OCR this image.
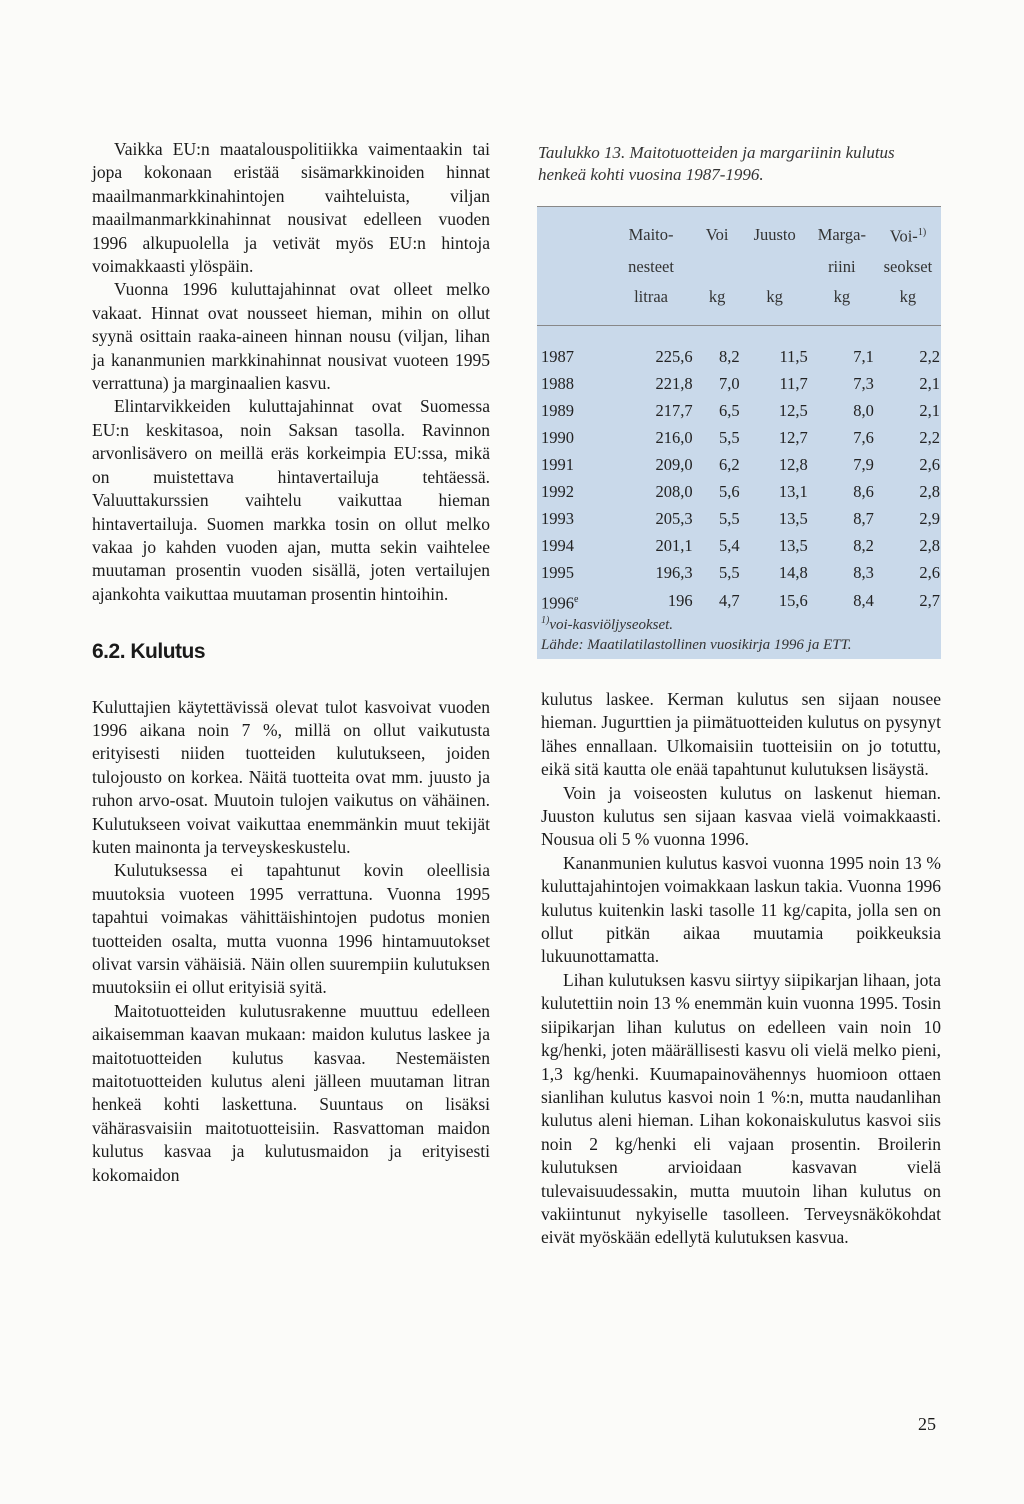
Vaikka EU:n maatalouspolitiikka vaimentaakin tai jopa kokonaan eristää sisämarkkinoiden hinnat maailmanmarkkinahintojen vaihteluista, viljan maailmanmarkkinahinnat nousivat edelleen vuoden 1996 alkupuolella ja vetivät myös EU:n hintoja voimakkaasti ylöspäin.

Vuonna 1996 kuluttajahinnat ovat olleet melko vakaat. Hinnat ovat nousseet hieman, mihin on ollut syynä osittain raaka-aineen hinnan nousu (viljan, lihan ja kananmunien markkinahinnat nousivat vuoteen 1995 verrattuna) ja marginaalien kasvu.

Elintarvikkeiden kuluttajahinnat ovat Suomessa EU:n keskitasoa, noin Saksan tasolla. Ravinnon arvonlisävero on meillä eräs korkeimpia EU:ssa, mikä on muistettava hintavertailuja tehtäessä. Valuuttakurssien vaihtelu vaikuttaa hieman hintavertailuja. Suomen markka tosin on ollut melko vakaa jo kahden vuoden ajan, mutta sekin vaihtelee muutaman prosentin vuoden sisällä, joten vertailujen ajankohta vaikuttaa muutaman prosentin hintoihin.

6.2. Kulutus

Kuluttajien käytettävissä olevat tulot kasvoivat vuoden 1996 aikana noin 7 %, millä on ollut vaikutusta erityisesti niiden tuotteiden kulutukseen, joiden tulojousto on korkea. Näitä tuotteita ovat mm. juusto ja ruhon arvo-osat. Muutoin tulojen vaikutus on vähäinen. Kulutukseen voivat vaikuttaa enemmänkin muut tekijät kuten mainonta ja terveyskeskustelu.

Kulutuksessa ei tapahtunut kovin oleellisia muutoksia vuoteen 1995 verrattuna. Vuonna 1995 tapahtui voimakas vähittäishintojen pudotus monien tuotteiden osalta, mutta vuonna 1996 hintamuutokset olivat varsin vähäisiä. Näin ollen suurempiin kulutuksen muutoksiin ei ollut erityisiä syitä.

Maitotuotteiden kulutusrakenne muuttuu edelleen aikaisemman kaavan mukaan: maidon kulutus laskee ja maitotuotteiden kulutus kasvaa. Nestemäisten maitotuotteiden kulutus aleni jälleen muutaman litran henkeä kohti laskettuna. Suuntaus on lisäksi vähärasvaisiin maitotuotteisiin. Rasvattoman maidon kulutus kasvaa ja kulutusmaidon ja erityisesti kokomaidon

Taulukko 13. Maitotuotteiden ja margariinin kulutus henkeä kohti vuosina 1987-1996.
	Maito-	Voi	Juusto	Marga-	Voi-$^{1)}$
	nesteet			riini	seokset
	litraa	kg	kg	kg	kg
1987	225,6	8,2	11,5	7,1	2,2
1988	221,8	7,0	11,7	7,3	2,1
1989	217,7	6,5	12,5	8,0	2,1
1990	216,0	5,5	12,7	7,6	2,2
1991	209,0	6,2	12,8	7,9	2,6
1992	208,0	5,6	13,1	8,6	2,8
1993	205,3	5,5	13,5	8,7	2,9
1994	201,1	5,4	13,5	8,2	2,8
1995	196,3	5,5	14,8	8,3	2,6
1996e	196	4,7	15,6	8,4	2,7
$^{1)}$voi-kasviöljyseokset.
Lähde: Maatilatilastollinen vuosikirja 1996 ja ETT.

kulutus laskee. Kerman kulutus sen sijaan nousee hieman. Jugurttien ja piimätuotteiden kulutus on pysynyt lähes ennallaan. Ulkomaisiin tuotteisiin on jo totuttu, eikä sitä kautta ole enää tapahtunut kulutuksen lisäystä.

Voin ja voiseosten kulutus on laskenut hieman. Juuston kulutus sen sijaan kasvaa vielä voimakkaasti. Nousua oli 5 % vuonna 1996.

Kananmunien kulutus kasvoi vuonna 1995 noin 13 % kuluttajahintojen voimakkaan laskun takia. Vuonna 1996 kulutus kuitenkin laski tasolle 11 kg/capita, jolla sen on ollut pitkän aikaa muutamia poikkeuksia lukuunottamatta.

Lihan kulutuksen kasvu siirtyy siipikarjan lihaan, jota kulutettiin noin 13 % enemmän kuin vuonna 1995. Tosin siipikarjan lihan kulutus on edelleen vain noin 10 kg/henki, joten määrällisesti kasvu oli vielä melko pieni, 1,3 kg/henki. Kuumapainovähennys huomioon ottaen sianlihan kulutus kasvoi noin 1 %:n, mutta naudanlihan kulutus aleni hieman. Lihan kokonaiskulutus kasvoi siis noin 2 kg/henki eli vajaan prosentin. Broilerin kulutuksen arvioidaan kasvavan vielä tulevaisuudessakin, mutta muutoin lihan kulutus on vakiintunut nykyiselle tasolleen. Terveysnäkökohdat eivät myöskään edellytä kulutuksen kasvua.

25
